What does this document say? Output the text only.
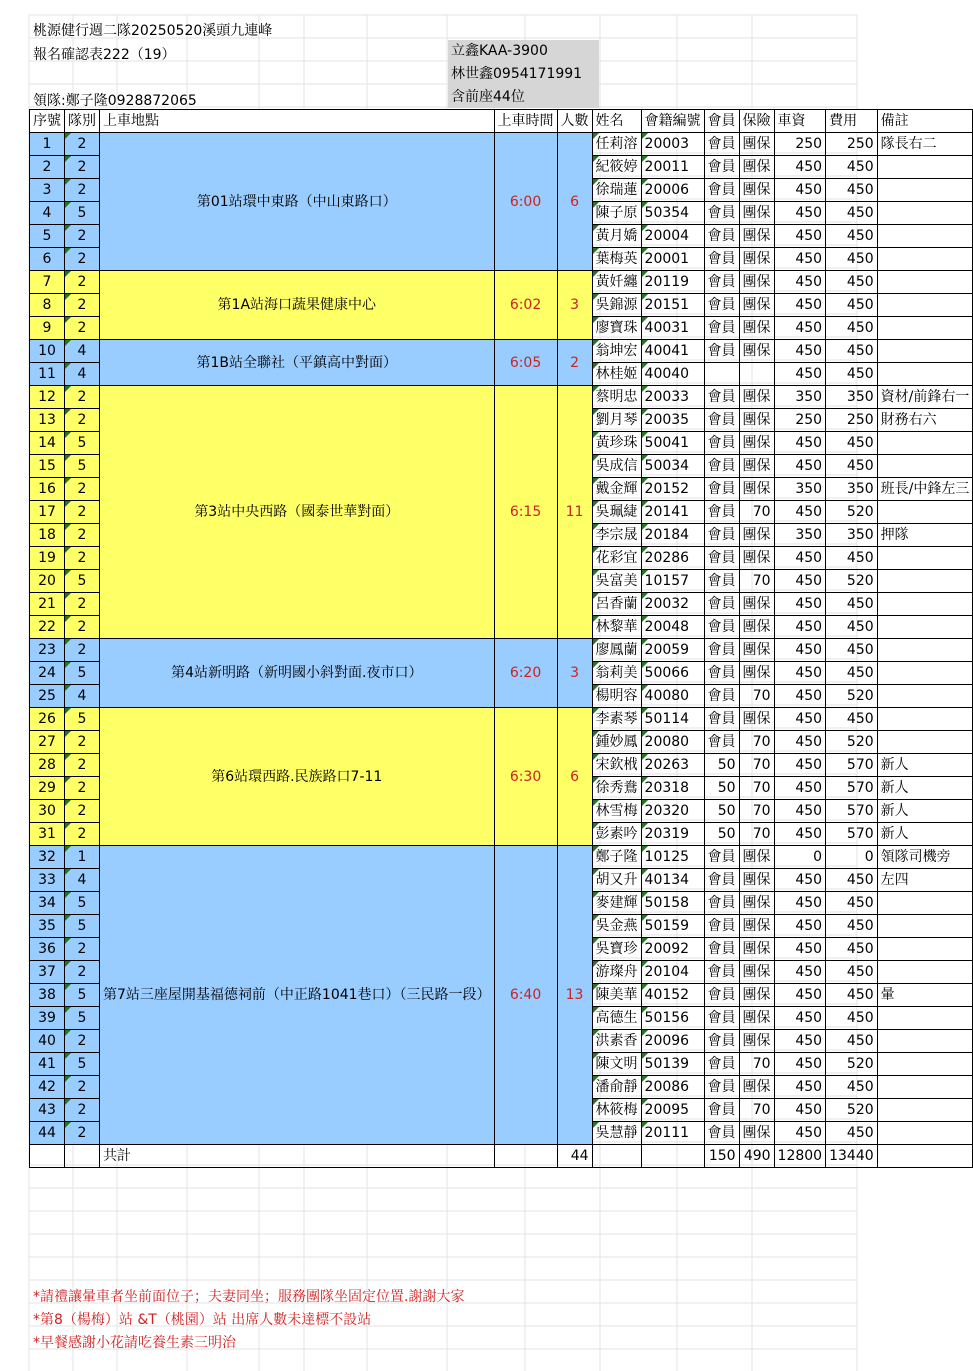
桃源健行週二隊20250520溪頭九連峰
報名確認表222（19）
領隊:鄭子隆0928872065
立鑫KAA-3900
林世鑫0954171991
含前座44位
序號	隊別	上車地點	上車時間	人數	姓名	會籍編號	會員	保險	車資	費用	備註
1	2	第01站環中東路（中山東路口）	6:00	6	任莉溶	20003	會員	團保	250	250	隊長右二
2	2				紀筱婷	20011	會員	團保	450	450	
3	2				徐瑞蓮	20006	會員	團保	450	450	
4	5				陳子原	50354	會員	團保	450	450	
5	2				黃月嬌	20004	會員	團保	450	450	
6	2				葉梅英	20001	會員	團保	450	450	
7	2	第1A站海口蔬果健康中心	6:02	3	黃奷纏	20119	會員	團保	450	450	
8	2				吳錦源	20151	會員	團保	450	450	
9	2				廖寶珠	40031	會員	團保	450	450	
10	4	第1B站全聯社（平鎮高中對面）	6:05	2	翁坤宏	40041	會員	團保	450	450	
11	4				林桂姬	40040			450	450	
12	2	第3站中央西路（國泰世華對面）	6:15	11	蔡明忠	20033	會員	團保	350	350	資材/前鋒右一
13	2				劉月琴	20035	會員	團保	250	250	財務右六
14	5				黃珍珠	50041	會員	團保	450	450	
15	5				吳成信	50034	會員	團保	450	450	
16	2				戴金輝	20152	會員	團保	350	350	班長/中鋒左三
17	2				吳珮緁	20141	會員	70	450	520	
18	2				李宗晟	20184	會員	團保	350	350	押隊
19	2				花彩宜	20286	會員	團保	450	450	
20	5				吳富美	10157	會員	70	450	520	
21	2				呂香蘭	20032	會員	團保	450	450	
22	2				林黎華	20048	會員	團保	450	450	
23	2	第4站新明路（新明國小斜對面.夜市口）	6:20	3	廖鳳蘭	20059	會員	團保	450	450	
24	5				翁莉美	50066	會員	團保	450	450	
25	4				楊明容	40080	會員	70	450	520	
26	5	第6站環西路.民族路口7-11	6:30	6	李素琴	50114	會員	團保	450	450	
27	2				鍾妙鳳	20080	會員	70	450	520	
28	2				宋欽栰	20263	50	70	450	570	新人
29	2				徐秀鴦	20318	50	70	450	570	新人
30	2				林雪梅	20320	50	70	450	570	新人
31	2				彭素吟	20319	50	70	450	570	新人
32	1	第7站三座屋開基福德祠前（中正路1041巷口）（三民路一段）	6:40	13	鄭子隆	10125	會員	團保	0	0	領隊司機旁
33	4				胡又升	40134	會員	團保	450	450	左四
34	5				麥建輝	50158	會員	團保	450	450	
35	5				吳金燕	50159	會員	團保	450	450	
36	2				吳寶珍	20092	會員	團保	450	450	
37	2				游璨舟	20104	會員	團保	450	450	
38	5				陳美華	40152	會員	團保	450	450	暈
39	5				高德生	50156	會員	團保	450	450	
40	2				洪素香	20096	會員	團保	450	450	
41	5				陳文明	50139	會員	70	450	520	
42	2				潘俞靜	20086	會員	團保	450	450	
43	2				林筱梅	20095	會員	70	450	520	
44	2				吳慧靜	20111	會員	團保	450	450	
		共計		44			150	490	12800	13440	
*請禮讓暈車者坐前面位子；夫妻同坐；服務團隊坐固定位置.謝謝大家
*第8（楊梅）站 &T（桃園）站 出席人數未達標不設站
*早餐感謝小花請吃養生素三明治
